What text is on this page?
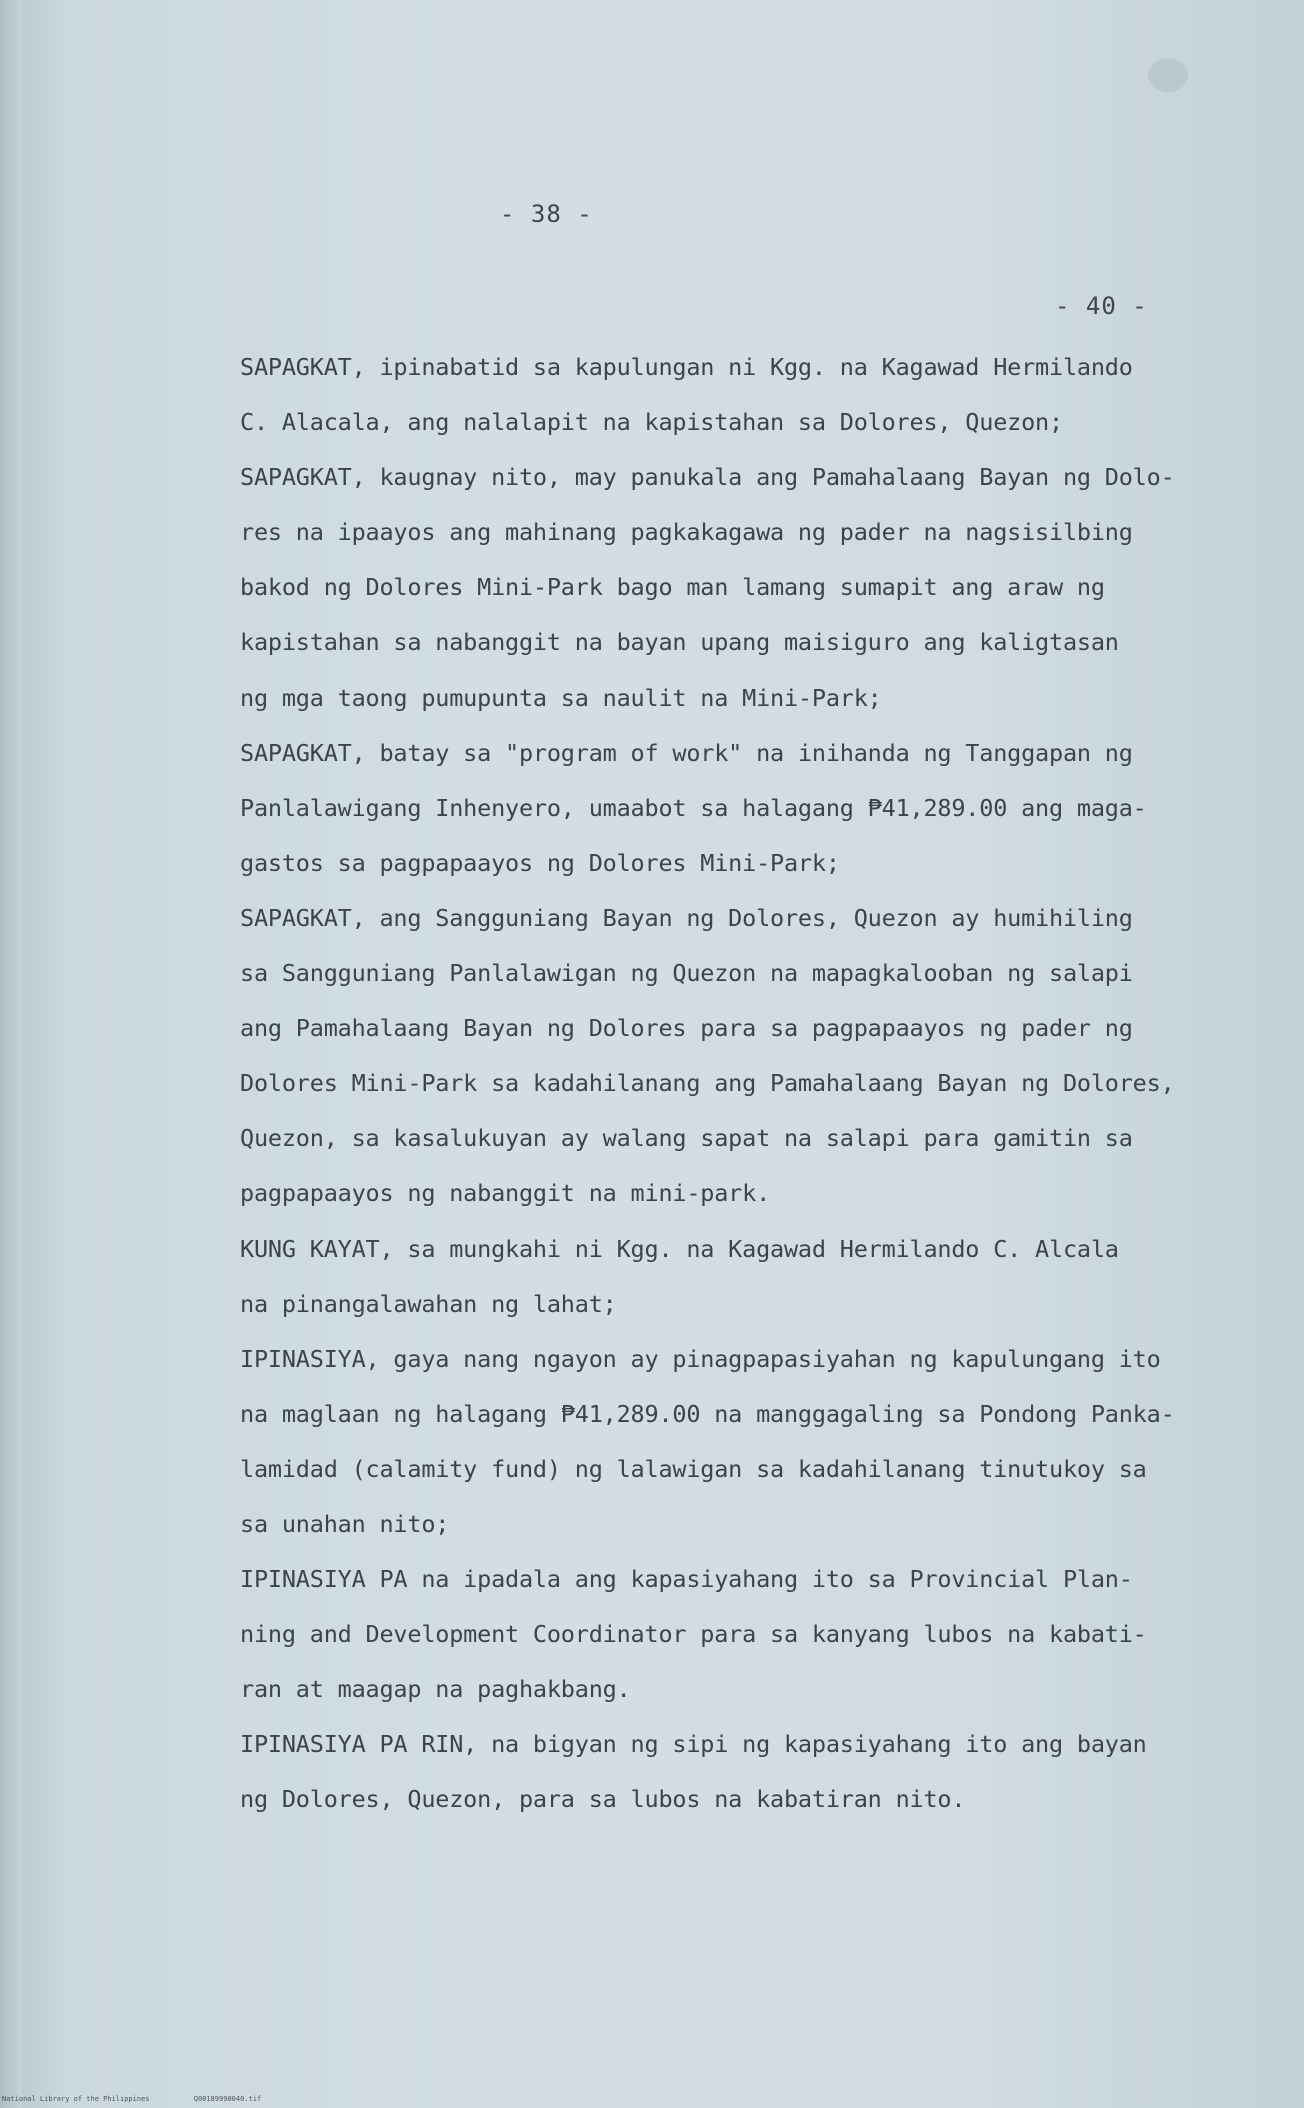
- 38 -
- 40 -
SAPAGKAT, ipinabatid sa kapulungan ni Kgg. na Kagawad Hermilando
C. Alacala, ang nalalapit na kapistahan sa Dolores, Quezon;
SAPAGKAT, kaugnay nito, may panukala ang Pamahalaang Bayan ng Dolo-
res na ipaayos ang mahinang pagkakagawa ng pader na nagsisilbing
bakod ng Dolores Mini-Park bago man lamang sumapit ang araw ng
kapistahan sa nabanggit na bayan upang maisiguro ang kaligtasan
ng mga taong pumupunta sa naulit na Mini-Park;
SAPAGKAT, batay sa "program of work" na inihanda ng Tanggapan ng
Panlalawigang Inhenyero, umaabot sa halagang ₱41,289.00 ang maga-
gastos sa pagpapaayos ng Dolores Mini-Park;
SAPAGKAT, ang Sangguniang Bayan ng Dolores, Quezon ay humihiling
sa Sangguniang Panlalawigan ng Quezon na mapagkalooban ng salapi
ang Pamahalaang Bayan ng Dolores para sa pagpapaayos ng pader ng
Dolores Mini-Park sa kadahilanang ang Pamahalaang Bayan ng Dolores,
Quezon, sa kasalukuyan ay walang sapat na salapi para gamitin sa
pagpapaayos ng nabanggit na mini-park.
KUNG KAYAT, sa mungkahi ni Kgg. na Kagawad Hermilando C. Alcala
na pinangalawahan ng lahat;
IPINASIYA, gaya nang ngayon ay pinagpapasiyahan ng kapulungang ito
na maglaan ng halagang ₱41,289.00 na manggagaling sa Pondong Panka-
lamidad (calamity fund) ng lalawigan sa kadahilanang tinutukoy sa
sa unahan nito;
IPINASIYA PA na ipadala ang kapasiyahang ito sa Provincial Plan-
ning and Development Coordinator para sa kanyang lubos na kabati-
ran at maagap na paghakbang.
IPINASIYA PA RIN, na bigyan ng sipi ng kapasiyahang ito ang bayan
ng Dolores, Quezon, para sa lubos na kabatiran nito.
National Library of the Philippines	Q00189990040.tif
